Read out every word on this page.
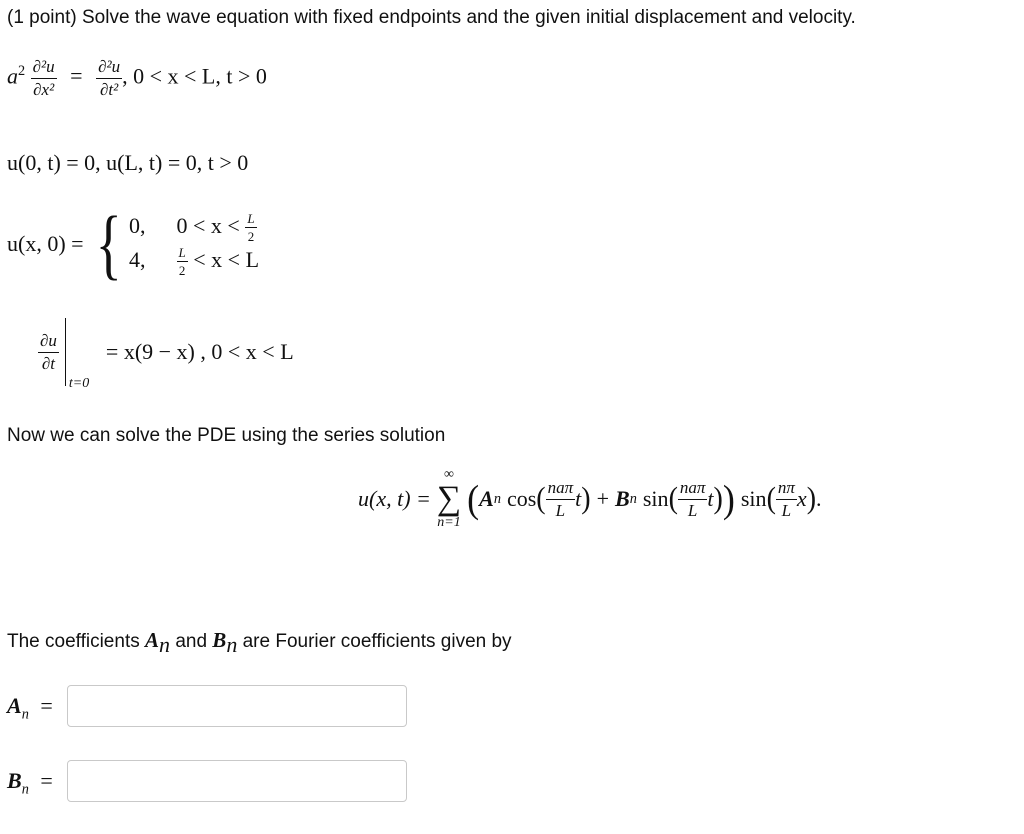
(1 point) Solve the wave equation with fixed endpoints and the given initial displacement and velocity.
$a^2 \frac{\text{∂²u}}{\text{∂x²}} = \frac{\text{∂²u}}{\text{∂t²}}$ , 0 < x < L, t > 0
u(0, t) = 0, u(L, t) = 0, t > 0
u(x, 0) = { 0, $0 < x < \frac{L}{2}$
4, $\frac{L}{2} < x < L$
$\frac{\partial u}{\partial t}$
t=0
= x(9 − x) , 0 < x < L
Now we can solve the PDE using the series solution
u(x, t) =
∞
∑
n=1
( A n cos ( $\frac{\text{naπ}}{L}$ t ) + B n sin ( $\frac{\text{naπ}}{L}$ t ) ) sin ( $\frac{n\pi}{L}$ x ) .
The coefficients $A_n$ and $B_n$ are Fourier coefficients given by
$A_n$ =
$B_n$ =
